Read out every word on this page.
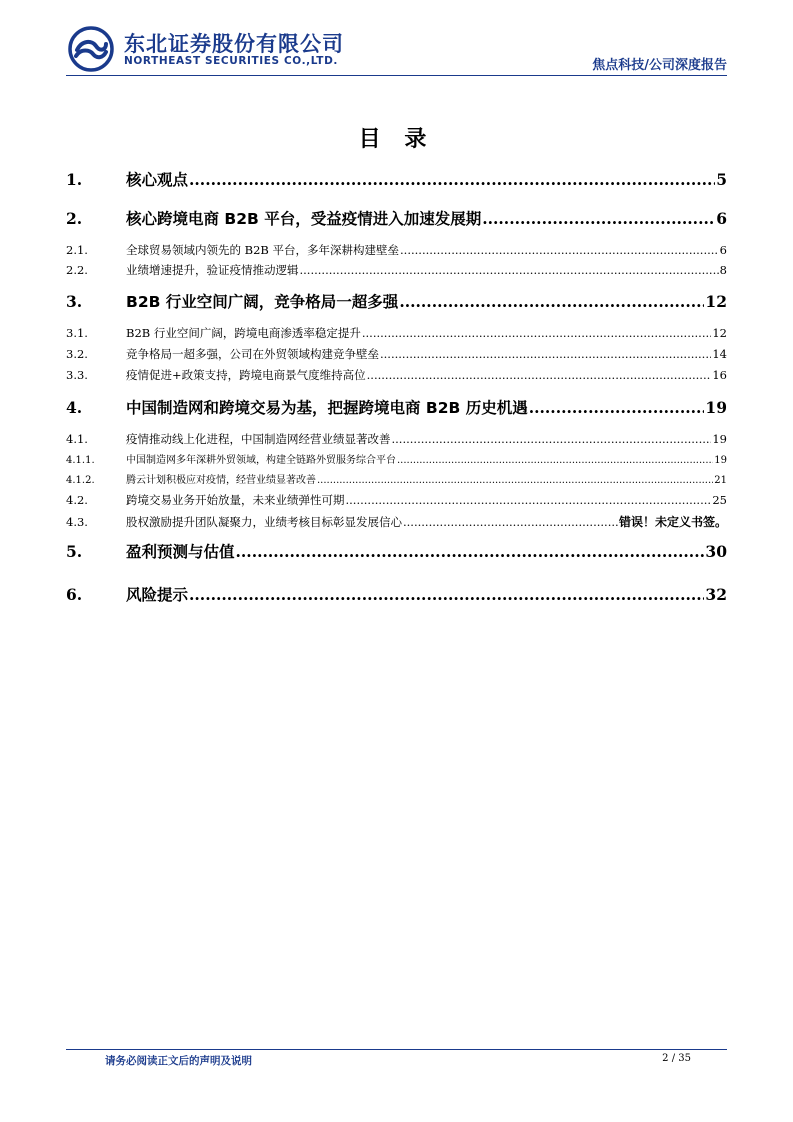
东北证券股份有限公司
NORTHEAST SECURITIES CO.,LTD.	焦点科技/公司深度报告
目 录
1.	核心观点 .....	5
2.	核心跨境电商 B2B 平台，受益疫情进入加速发展期 .....	6
2.1.	全球贸易领域内领先的 B2B 平台，多年深耕构建壁垒 .....	6
2.2.	业绩增速提升，验证疫情推动逻辑 .....	8
3.	B2B 行业空间广阔，竞争格局一超多强 .....	12
3.1.	B2B 行业空间广阔，跨境电商渗透率稳定提升 .....	12
3.2.	竞争格局一超多强，公司在外贸领域构建竞争壁垒 .....	14
3.3.	疫情促进+政策支持，跨境电商景气度维持高位 .....	16
4.	中国制造网和跨境交易为基，把握跨境电商 B2B 历史机遇 .....	19
4.1.	疫情推动线上化进程，中国制造网经营业绩显著改善 .....	19
4.1.1.	中国制造网多年深耕外贸领域，构建全链路外贸服务综合平台 .....	19
4.1.2.	腾云计划积极应对疫情，经营业绩显著改善 .....	21
4.2.	跨境交易业务开始放量，未来业绩弹性可期 .....	25
4.3.	股权激励提升团队凝聚力，业绩考核目标彰显发展信心 .....	错误！未定义书签。
5.	盈利预测与估值 .....	30
6.	风险提示 .....	32
请务必阅读正文后的声明及说明	2 / 35
